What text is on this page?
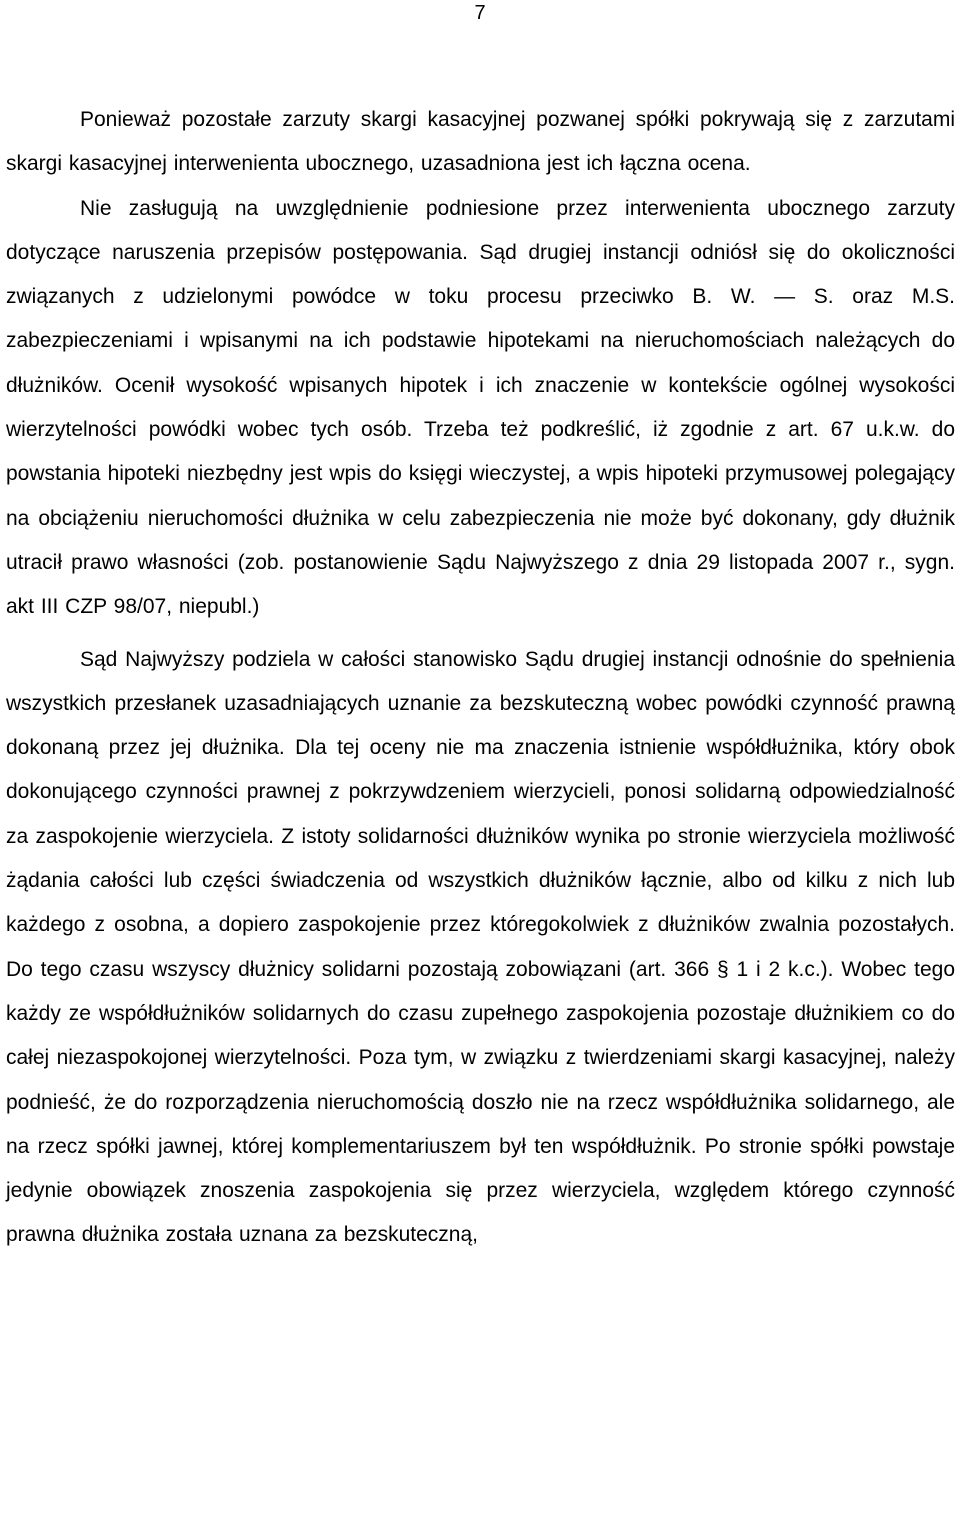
7

Ponieważ pozostałe zarzuty skargi kasacyjnej pozwanej spółki pokrywają się z zarzutami skargi kasacyjnej interwenienta ubocznego, uzasadniona jest ich łączna ocena.

Nie zasługują na uwzględnienie podniesione przez interwenienta ubocznego zarzuty dotyczące naruszenia przepisów postępowania. Sąd drugiej instancji odniósł się do okoliczności związanych z udzielonymi powódce w toku procesu przeciwko B. W. — S. oraz M.S. zabezpieczeniami i wpisanymi na ich podstawie hipotekami na nieruchomościach należących do dłużników. Ocenił wysokość wpisanych hipotek i ich znaczenie w kontekście ogólnej wysokości wierzytelności powódki wobec tych osób. Trzeba też podkreślić, iż zgodnie z art. 67 u.k.w. do powstania hipoteki niezbędny jest wpis do księgi wieczystej, a wpis hipoteki przymusowej polegający na obciążeniu nieruchomości dłużnika w celu zabezpieczenia nie może być dokonany, gdy dłużnik utracił prawo własności (zob. postanowienie Sądu Najwyższego z dnia 29 listopada 2007 r., sygn. akt III CZP 98/07, niepubl.)

Sąd Najwyższy podziela w całości stanowisko Sądu drugiej instancji odnośnie do spełnienia wszystkich przesłanek uzasadniających uznanie za bezskuteczną wobec powódki czynność prawną dokonaną przez jej dłużnika. Dla tej oceny nie ma znaczenia istnienie współdłużnika, który obok dokonującego czynności prawnej z pokrzywdzeniem wierzycieli, ponosi solidarną odpowiedzialność za zaspokojenie wierzyciela. Z istoty solidarności dłużników wynika po stronie wierzyciela możliwość żądania całości lub części świadczenia od wszystkich dłużników łącznie, albo od kilku z nich lub każdego z osobna, a dopiero zaspokojenie przez któregokolwiek z dłużników zwalnia pozostałych. Do tego czasu wszyscy dłużnicy solidarni pozostają zobowiązani (art. 366 § 1 i 2 k.c.). Wobec tego każdy ze współdłużników solidarnych do czasu zupełnego zaspokojenia pozostaje dłużnikiem co do całej niezaspokojonej wierzytelności. Poza tym, w związku z twierdzeniami skargi kasacyjnej, należy podnieść, że do rozporządzenia nieruchomością doszło nie na rzecz współdłużnika solidarnego, ale na rzecz spółki jawnej, której komplementariuszem był ten współdłużnik. Po stronie spółki powstaje jedynie obowiązek znoszenia zaspokojenia się przez wierzyciela, względem którego czynność prawna dłużnika została uznana za bezskuteczną,
